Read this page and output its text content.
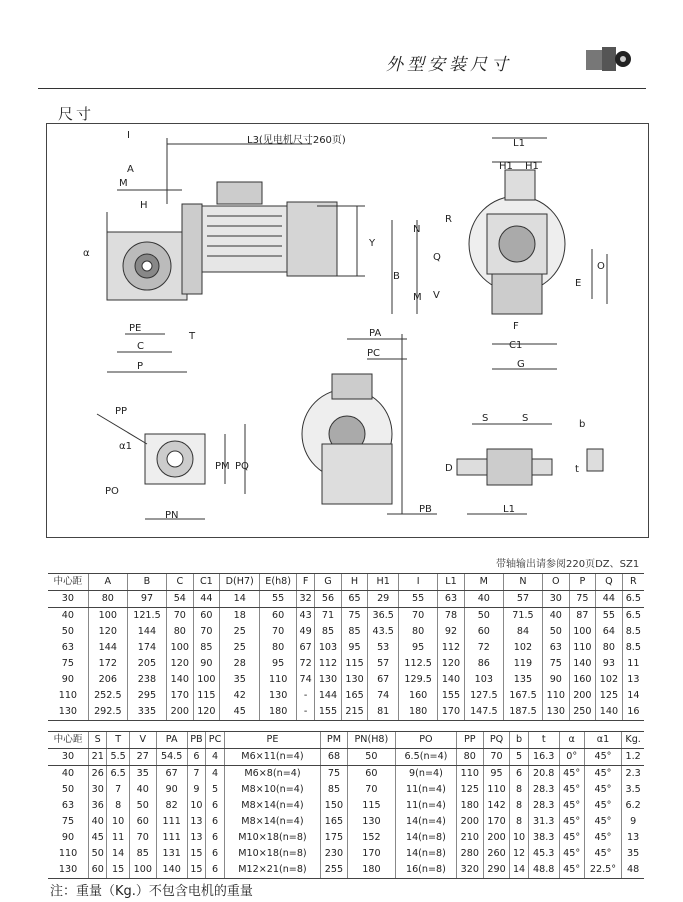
外型安装尺寸
尺寸
I	L3(见电机尺寸260页)
A
M
H
α
Y
PE
C
P
T
L1
H1 H1
R
N
Q
B
M V
O
E
F
C1
G
PA
PC
PB
PP
α1
PM PQ
PO
PN
S	S
D
L1
b
t
带轴输出请参阅220页DZ、SZ1
中心距	A	B	C	C1	D(H7)	E(h8)	F	G	H	H1	I	L1	M	N	O	P	Q	R
30	80	97	54	44	14	55	32	56	65	29	55	63	40	57	30	75	44	6.5
40	100	121.5	70	60	18	60	43	71	75	36.5	70	78	50	71.5	40	87	55	6.5
50	120	144	80	70	25	70	49	85	85	43.5	80	92	60	84	50	100	64	8.5
63	144	174	100	85	25	80	67	103	95	53	95	112	72	102	63	110	80	8.5
75	172	205	120	90	28	95	72	112	115	57	112.5	120	86	119	75	140	93	11
90	206	238	140	100	35	110	74	130	130	67	129.5	140	103	135	90	160	102	13
110	252.5	295	170	115	42	130	-	144	165	74	160	155	127.5	167.5	110	200	125	14
130	292.5	335	200	120	45	180	-	155	215	81	180	170	147.5	187.5	130	250	140	16
中心距	S	T	V	PA	PB	PC	PE	PM	PN(H8)	PO	PP	PQ	b	t	α	α1	Kg.
30	21	5.5	27	54.5	6	4	M6×11(n=4)	68	50	6.5(n=4)	80	70	5	16.3	0°	45°	1.2
40	26	6.5	35	67	7	4	M6×8(n=4)	75	60	9(n=4)	110	95	6	20.8	45°	45°	2.3
50	30	7	40	90	9	5	M8×10(n=4)	85	70	11(n=4)	125	110	8	28.3	45°	45°	3.5
63	36	8	50	82	10	6	M8×14(n=4)	150	115	11(n=4)	180	142	8	28.3	45°	45°	6.2
75	40	10	60	111	13	6	M8×14(n=4)	165	130	14(n=4)	200	170	8	31.3	45°	45°	9
90	45	11	70	111	13	6	M10×18(n=8)	175	152	14(n=8)	210	200	10	38.3	45°	45°	13
110	50	14	85	131	15	6	M10×18(n=8)	230	170	14(n=8)	280	260	12	45.3	45°	45°	35
130	60	15	100	140	15	6	M12×21(n=8)	255	180	16(n=8)	320	290	14	48.8	45°	22.5°	48
注：重量（Kg.）不包含电机的重量
